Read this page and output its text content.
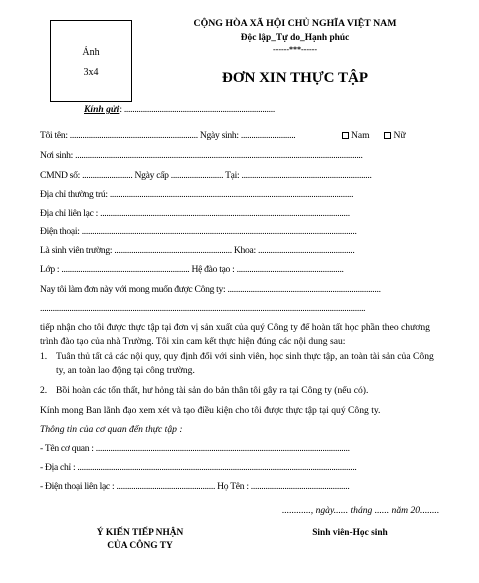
Ảnh
3x4
CỘNG HÒA XÃ HỘI CHỦ NGHĨA VIỆT NAM
Độc lập_Tự do_Hạnh phúc
------***------
ĐƠN XIN THỰC TẬP
Kính gửi: ........................................................................
Tôi tên: ............................................................. Ngày sinh: ..........................	Nam Nữ
Nơi sinh: .........................................................................................................................................
CMND số: ........................ Ngày cấp ......................... Tại: ..............................................................
Địa chỉ thường trú: ....................................................................................................................
Địa chỉ liên lạc : .......................................................................................................................
Điện thoại: ...................................................................................................................................
Là sinh viên trường: ........................................................ Khoa: ..............................................
Lớp : ............................................................. Hệ đào tạo : ...................................................
Nay tôi làm đơn này với mong muốn được Công ty: .........................................................................
...........................................................................................................................................................
tiếp nhận cho tôi được thực tập tại đơn vị sản xuất của quý Công ty để hoàn tất học phần theo chương trình đào tạo của nhà Trường. Tôi xin cam kết thực hiện đúng các nội dung sau:
1. Tuân thủ tất cả các nội quy, quy định đối với sinh viên, học sinh thực tập, an toàn tài sản của Công ty, an toàn lao động tại công trường.
2. Bồi hoàn các tổn thất, hư hỏng tài sản do bản thân tôi gây ra tại Công ty (nếu có).
Kính mong Ban lãnh đạo xem xét và tạo điều kiện cho tôi được thực tập tại quý Công ty.
Thông tin của cơ quan đến thực tập :
- Tên cơ quan : .........................................................................................................................
- Địa chỉ : .....................................................................................................................................
- Điện thoại liên lạc : ............................................... Họ Tên : ...............................................
............, ngày...... tháng ...... năm 20........
Ý KIẾN TIẾP NHẬN
CỦA CÔNG TY
Sinh viên-Học sinh
